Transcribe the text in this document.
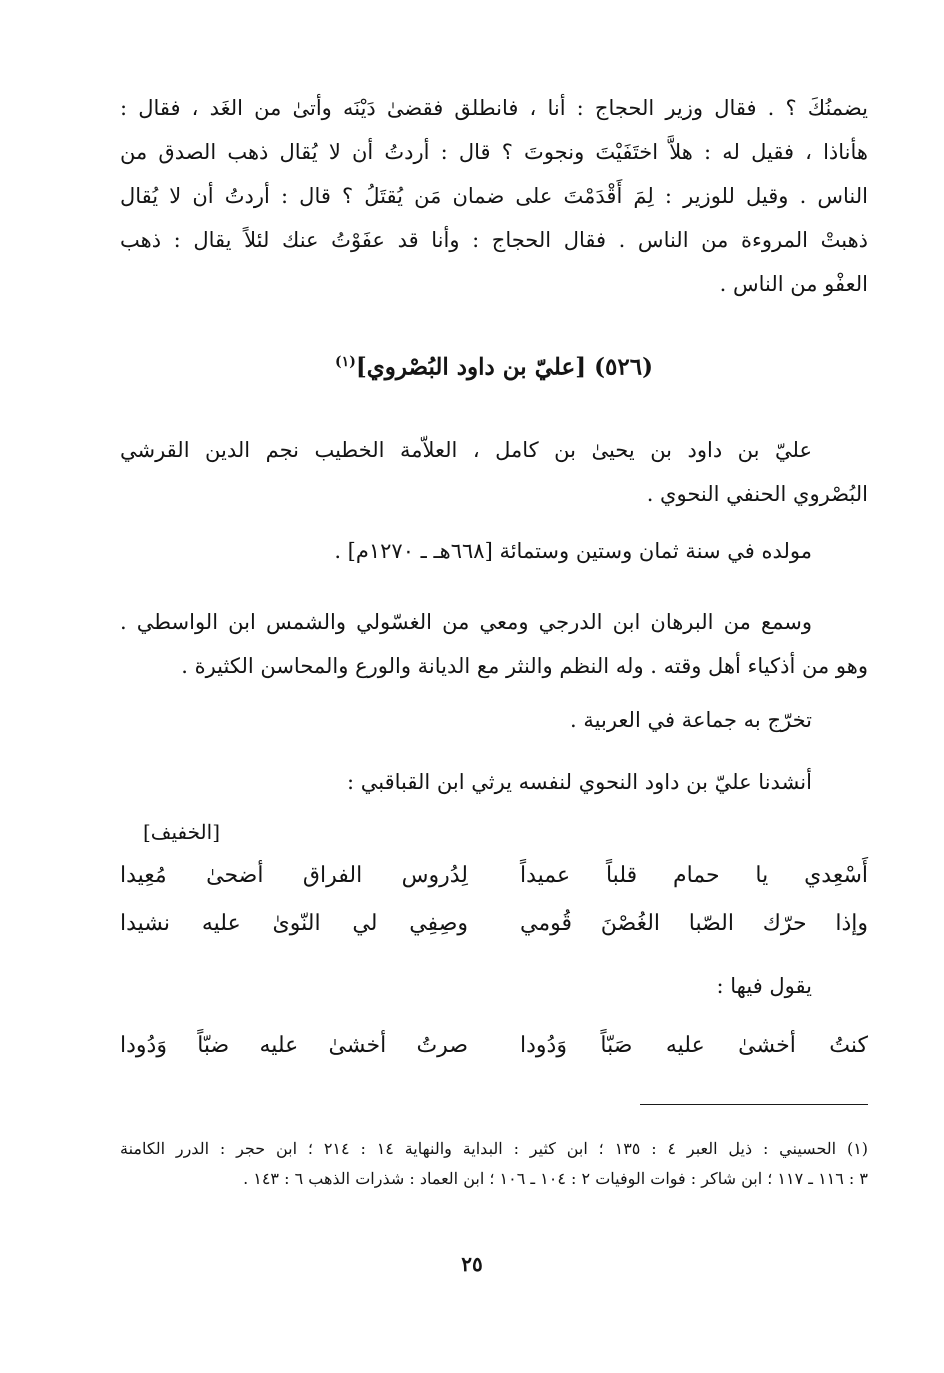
يضمنُكَ ؟ . فقال وزير الحجاج : أنا ، فانطلق فقضىٰ دَيْنَه وأتىٰ من الغَد ، فقال :

هأناذا ، فقيل له : هلاَّ اختَفَيْتَ ونجوتَ ؟ قال : أردتُ أن لا يُقال ذهب الصدق من

الناس . وقيل للوزير : لِمَ أَقْدَمْتَ على ضمان مَن يُقتَلُ ؟ قال : أردتُ أن لا يُقال

ذهبتْ المروءة من الناس . فقال الحجاج : وأنا قد عفَوْتُ عنك لئلاً يقال : ذهب

العفْو من الناس .

(٥٢٦) [عليّ بن داود البُصْروي]$^{(١)}$

عليّ بن داود بن يحيىٰ بن كامل ، العلاّمة الخطيب نجم الدين القرشي

البُصْروي الحنفي النحوي .

مولده في سنة ثمان وستين وستمائة [٦٦٨هـ ـ ١٢٧٠م] .

وسمع من البرهان ابن الدرجي ومعي من الغسّولي والشمس ابن الواسطي .

وهو من أذكياء أهل وقته . وله النظم والنثر مع الديانة والورع والمحاسن الكثيرة .

تخرّج به جماعة في العربية .

أنشدنا عليّ بن داود النحوي لنفسه يرثي ابن القباقبي :

[الخفيف]
أَسْعِدي يا حمام قلباً عميداً
لِدُروس الفراق أضحىٰ مُعِيدا
وإذا حرّك الصّبا الغُصْنَ قُومي
وصِفِي لي النّوىٰ عليه نشيدا

يقول فيها :

كنتُ أخشىٰ عليه صَبّاً وَدُودا
صرتُ أخشىٰ عليه ضبّاً وَدُودا

(١) الحسيني : ذيل العبر ٤ : ١٣٥ ؛ ابن كثير : البداية والنهاية ١٤ : ٢١٤ ؛ ابن حجر : الدرر الكامنة

٣ : ١١٦ ـ ١١٧ ؛ ابن شاكر : فوات الوفيات ٢ : ١٠٤ ـ ١٠٦ ؛ ابن العماد : شذرات الذهب ٦ : ١٤٣ .

٢٥
